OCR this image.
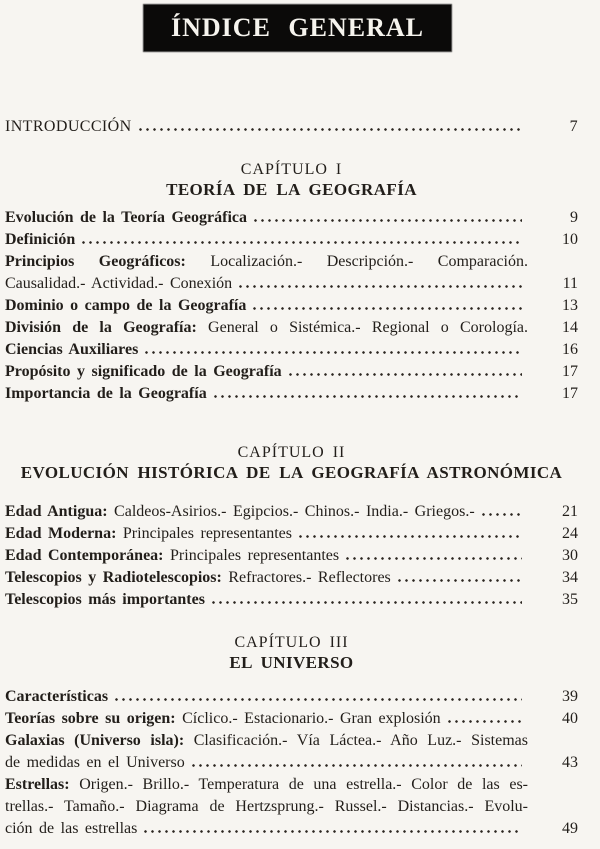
ÍNDICE GENERAL
INTRODUCCIÓN	7
CAPÍTULO I
TEORÍA DE LA GEOGRAFÍA
Evolución de la Teoría Geográfica	9
Definición	10
Principios Geográficos: Localización.- Descripción.- Comparación.
Causalidad.- Actividad.- Conexión	11
Dominio o campo de la Geografía	13
División de la Geografía: General o Sistémica.- Regional o Corología.	14
Ciencias Auxiliares	16
Propósito y significado de la Geografía	17
Importancia de la Geografía	17
CAPÍTULO II
EVOLUCIÓN HISTÓRICA DE LA GEOGRAFÍA ASTRONÓMICA
Edad Antigua: Caldeos-Asirios.- Egipcios.- Chinos.- India.- Griegos.-	21
Edad Moderna: Principales representantes	24
Edad Contemporánea: Principales representantes	30
Telescopios y Radiotelescopios: Refractores.- Reflectores	34
Telescopios más importantes	35
CAPÍTULO III
EL UNIVERSO
Características	39
Teorías sobre su origen: Cíclico.- Estacionario.- Gran explosión	40
Galaxias (Universo isla): Clasificación.- Vía Láctea.- Año Luz.- Sistemas
de medidas en el Universo	43
Estrellas: Origen.- Brillo.- Temperatura de una estrella.- Color de las es-
trellas.- Tamaño.- Diagrama de Hertzsprung.- Russel.- Distancias.- Evolu-
ción de las estrellas	49
